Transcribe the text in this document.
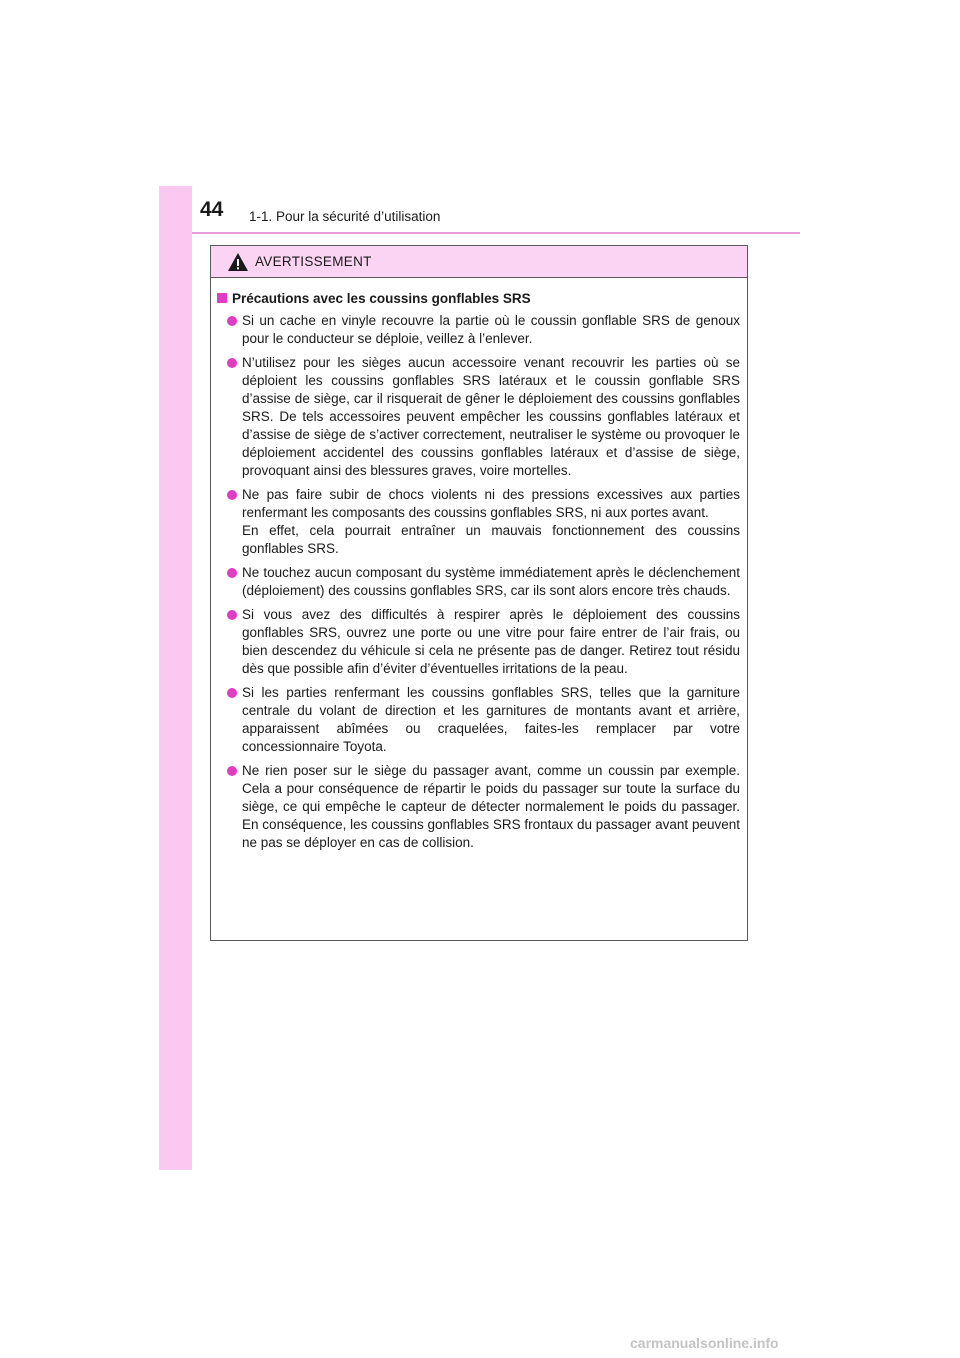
44 1-1. Pour la sécurité d’utilisation
AVERTISSEMENT
Précautions avec les coussins gonflables SRS
Si un cache en vinyle recouvre la partie où le coussin gonflable SRS de genoux pour le conducteur se déploie, veillez à l’enlever.
N’utilisez pour les sièges aucun accessoire venant recouvrir les parties où se déploient les coussins gonflables SRS latéraux et le coussin gonflable SRS d’assise de siège, car il risquerait de gêner le déploiement des coussins gonflables SRS. De tels accessoires peuvent empêcher les coussins gonflables latéraux et d’assise de siège de s’activer correctement, neutraliser le système ou provoquer le déploiement accidentel des coussins gonflables latéraux et d’assise de siège, provoquant ainsi des blessures graves, voire mortelles.
Ne pas faire subir de chocs violents ni des pressions excessives aux parties renfermant les composants des coussins gonflables SRS, ni aux portes avant.
En effet, cela pourrait entraîner un mauvais fonctionnement des coussins gonflables SRS.
Ne touchez aucun composant du système immédiatement après le déclenchement (déploiement) des coussins gonflables SRS, car ils sont alors encore très chauds.
Si vous avez des difficultés à respirer après le déploiement des coussins gonflables SRS, ouvrez une porte ou une vitre pour faire entrer de l’air frais, ou bien descendez du véhicule si cela ne présente pas de danger. Retirez tout résidu dès que possible afin d’éviter d’éventuelles irritations de la peau.
Si les parties renfermant les coussins gonflables SRS, telles que la garniture centrale du volant de direction et les garnitures de montants avant et arrière, apparaissent abîmées ou craquelées, faites-les remplacer par votre concessionnaire Toyota.
Ne rien poser sur le siège du passager avant, comme un coussin par exemple. Cela a pour conséquence de répartir le poids du passager sur toute la surface du siège, ce qui empêche le capteur de détecter normalement le poids du passager. En conséquence, les coussins gonflables SRS frontaux du passager avant peuvent ne pas se déployer en cas de collision.
carmanualsonline.info
